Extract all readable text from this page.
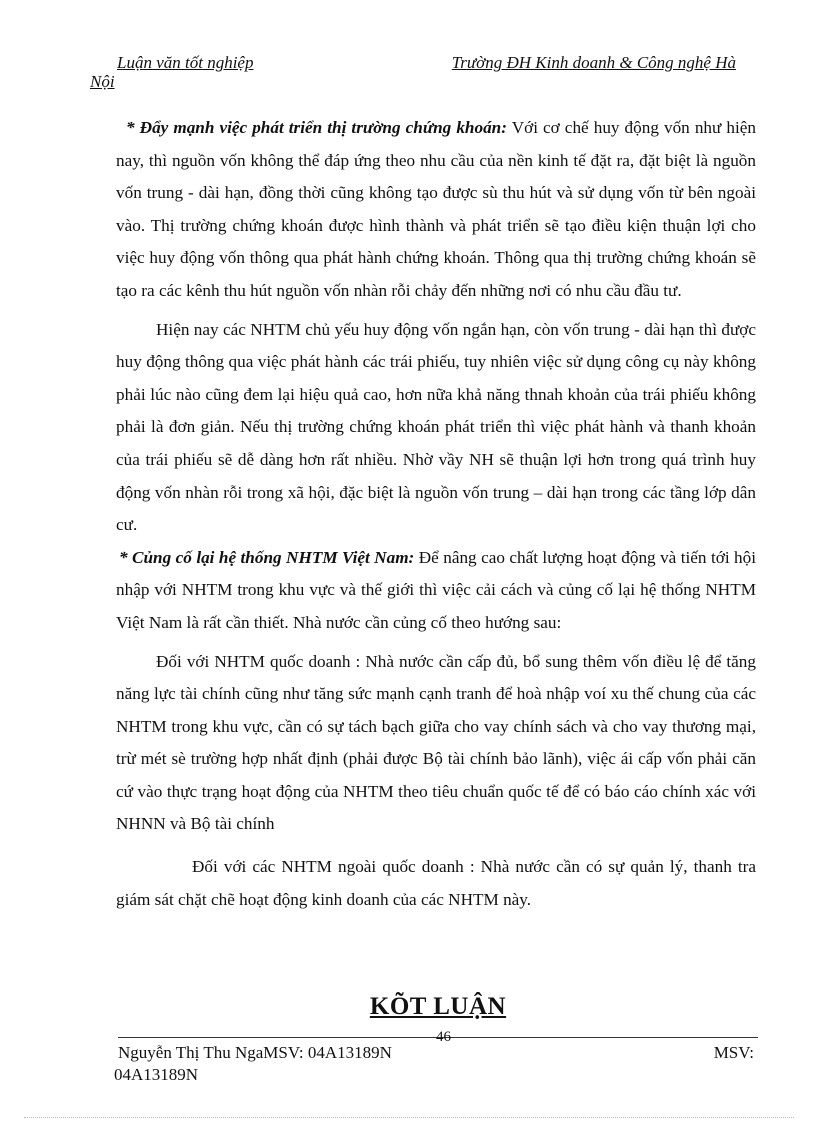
Luận văn tốt nghiệp	Trường ĐH Kinh doanh & Công nghệ Hà
Nội

* Đẩy mạnh việc phát triển thị trường chứng khoán: Với cơ chế huy động vốn như hiện nay, thì nguồn vốn không thể đáp ứng theo nhu cầu của nền kinh tế đặt ra, đặt biệt là nguồn vốn trung - dài hạn, đồng thời cũng không tạo được sù thu hút và sử dụng vốn từ bên ngoài vào. Thị trường chứng khoán được hình thành và phát triển sẽ tạo điều kiện thuận lợi cho việc huy động vốn thông qua phát hành chứng khoán. Thông qua thị trường chứng khoán sẽ tạo ra các kênh thu hút nguồn vốn nhàn rỗi chảy đến những nơi có nhu cầu đầu tư.

Hiện nay các NHTM chủ yếu huy động vốn ngắn hạn, còn vốn trung - dài hạn thì được huy động thông qua việc phát hành các trái phiếu, tuy nhiên việc sử dụng công cụ này không phải lúc nào cũng đem lại hiệu quả cao, hơn nữa khả năng thnah khoản của trái phiếu không phải là đơn giản. Nếu thị trường chứng khoán phát triển thì việc phát hành và thanh khoản của trái phiếu sẽ dễ dàng hơn rất nhiều. Nhờ vầy NH sẽ thuận lợi hơn trong quá trình huy động vốn nhàn rỗi trong xã hội, đặc biệt là nguồn vốn trung – dài hạn trong các tầng lớp dân cư.

* Củng cố lại hệ thống NHTM Việt Nam: Để nâng cao chất lượng hoạt động và tiến tới hội nhập với NHTM trong khu vực và thế giới thì việc cải cách và củng cố lại hệ thống NHTM Việt Nam là rất cần thiết. Nhà nước cần củng cố theo hướng sau:

Đối với NHTM quốc doanh : Nhà nước cần cấp đủ, bổ sung thêm vốn điều lệ để tăng năng lực tài chính cũng như tăng sức mạnh cạnh tranh để hoà nhập voí xu thế chung của các NHTM trong khu vực, cần có sự tách bạch giữa cho vay chính sách và cho vay thương mại, trừ mét sè trường hợp nhất định (phải được Bộ tài chính bảo lãnh), việc ái cấp vốn phải căn cứ vào thực trạng hoạt động của NHTM theo tiêu chuẩn quốc tế để có báo cáo chính xác với NHNN và Bộ tài chính

Đối với các NHTM ngoài quốc doanh : Nhà nước cần có sự quản lý, thanh tra giám sát chặt chẽ hoạt động kinh doanh của các NHTM này.

KÕT LUẬN
46
Nguyễn Thị Thu NgaMSV: 04A13189N	MSV:
04A13189N
